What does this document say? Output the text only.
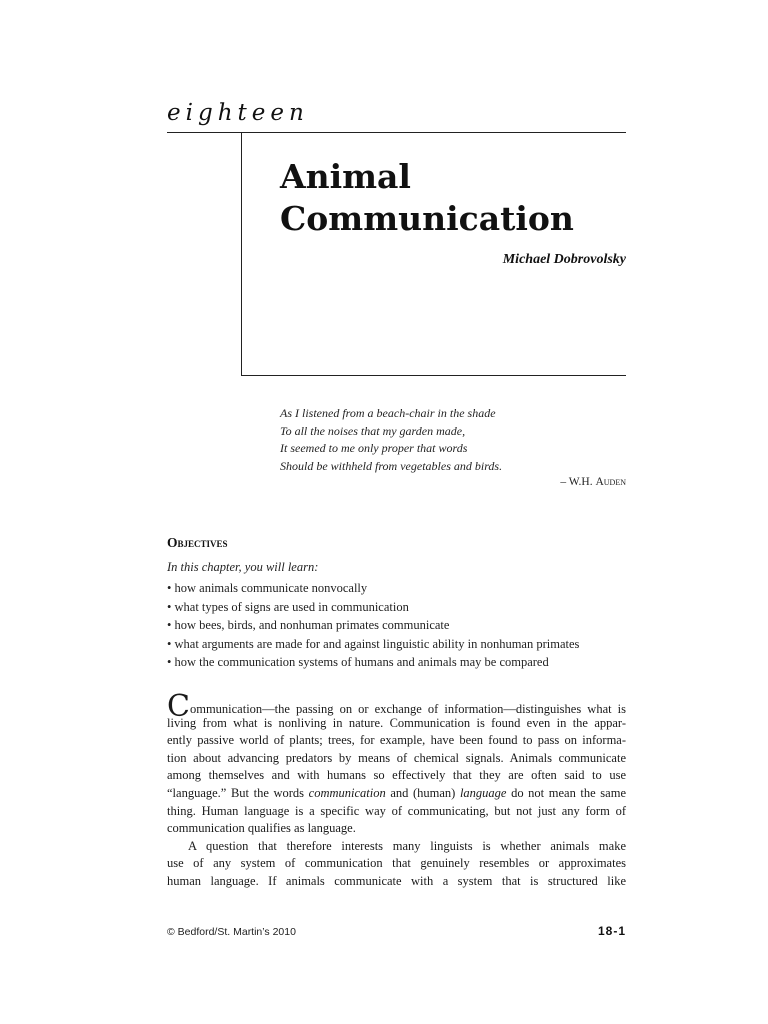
eighteen
Animal
Communication
Michael Dobrovolsky
As I listened from a beach-chair in the shade
To all the noises that my garden made,
It seemed to me only proper that words
Should be withheld from vegetables and birds.
– W.H. Auden
Objectives
In this chapter, you will learn:
• how animals communicate nonvocally
• what types of signs are used in communication
• how bees, birds, and nonhuman primates communicate
• what arguments are made for and against linguistic ability in nonhuman primates
• how the communication systems of humans and animals may be compared
Communication—the passing on or exchange of information—distinguishes what is
living from what is nonliving in nature. Communication is found even in the appar-
ently passive world of plants; trees, for example, have been found to pass on informa-
tion about advancing predators by means of chemical signals. Animals communicate
among themselves and with humans so effectively that they are often said to use
“language.” But the words communication and (human) language do not mean the same
thing. Human language is a specific way of communicating, but not just any form of
communication qualifies as language.
A question that therefore interests many linguists is whether animals make
use of any system of communication that genuinely resembles or approximates
human language. If animals communicate with a system that is structured like
© Bedford/St. Martin’s 2010	18-1
